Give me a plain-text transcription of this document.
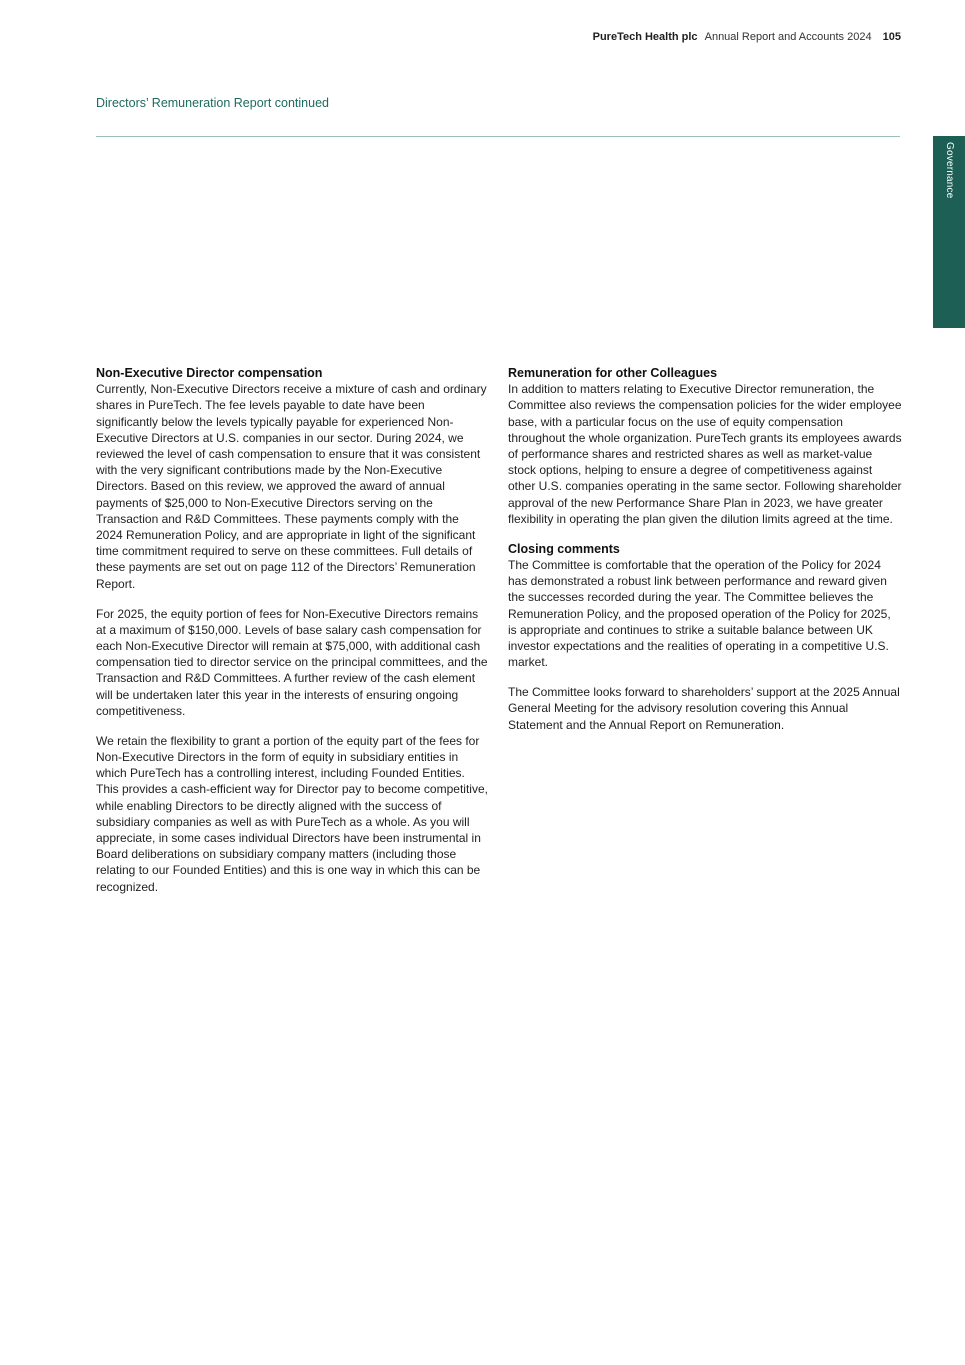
PureTech Health plc Annual Report and Accounts 2024 105
Directors’ Remuneration Report continued
Governance
Non-Executive Director compensation

Currently, Non-Executive Directors receive a mixture of cash and ordinary shares in PureTech. The fee levels payable to date have been significantly below the levels typically payable for experienced Non-Executive Directors at U.S. companies in our sector. During 2024, we reviewed the level of cash compensation to ensure that it was consistent with the very significant contributions made by the Non-Executive Directors. Based on this review, we approved the award of annual payments of $25,000 to Non-Executive Directors serving on the Transaction and R&D Committees. These payments comply with the 2024 Remuneration Policy, and are appropriate in light of the significant time commitment required to serve on these committees. Full details of these payments are set out on page 112 of the Directors’ Remuneration Report.

For 2025, the equity portion of fees for Non-Executive Directors remains at a maximum of $150,000. Levels of base salary cash compensation for each Non-Executive Director will remain at $75,000, with additional cash compensation tied to director service on the principal committees, and the Transaction and R&D Committees. A further review of the cash element will be undertaken later this year in the interests of ensuring ongoing competitiveness.

We retain the flexibility to grant a portion of the equity part of the fees for Non-Executive Directors in the form of equity in subsidiary entities in which PureTech has a controlling interest, including Founded Entities. This provides a cash-efficient way for Director pay to become competitive, while enabling Directors to be directly aligned with the success of subsidiary companies as well as with PureTech as a whole. As you will appreciate, in some cases individual Directors have been instrumental in Board deliberations on subsidiary company matters (including those relating to our Founded Entities) and this is one way in which this can be recognized.

Remuneration for other Colleagues

In addition to matters relating to Executive Director remuneration, the Committee also reviews the compensation policies for the wider employee base, with a particular focus on the use of equity compensation throughout the whole organization. PureTech grants its employees awards of performance shares and restricted shares as well as market-value stock options, helping to ensure a degree of competitiveness against other U.S. companies operating in the same sector. Following shareholder approval of the new Performance Share Plan in 2023, we have greater flexibility in operating the plan given the dilution limits agreed at the time.

Closing comments

The Committee is comfortable that the operation of the Policy for 2024 has demonstrated a robust link between performance and reward given the successes recorded during the year. The Committee believes the Remuneration Policy, and the proposed operation of the Policy for 2025, is appropriate and continues to strike a suitable balance between UK investor expectations and the realities of operating in a competitive U.S. market.

The Committee looks forward to shareholders’ support at the 2025 Annual General Meeting for the advisory resolution covering this Annual Statement and the Annual Report on Remuneration.
